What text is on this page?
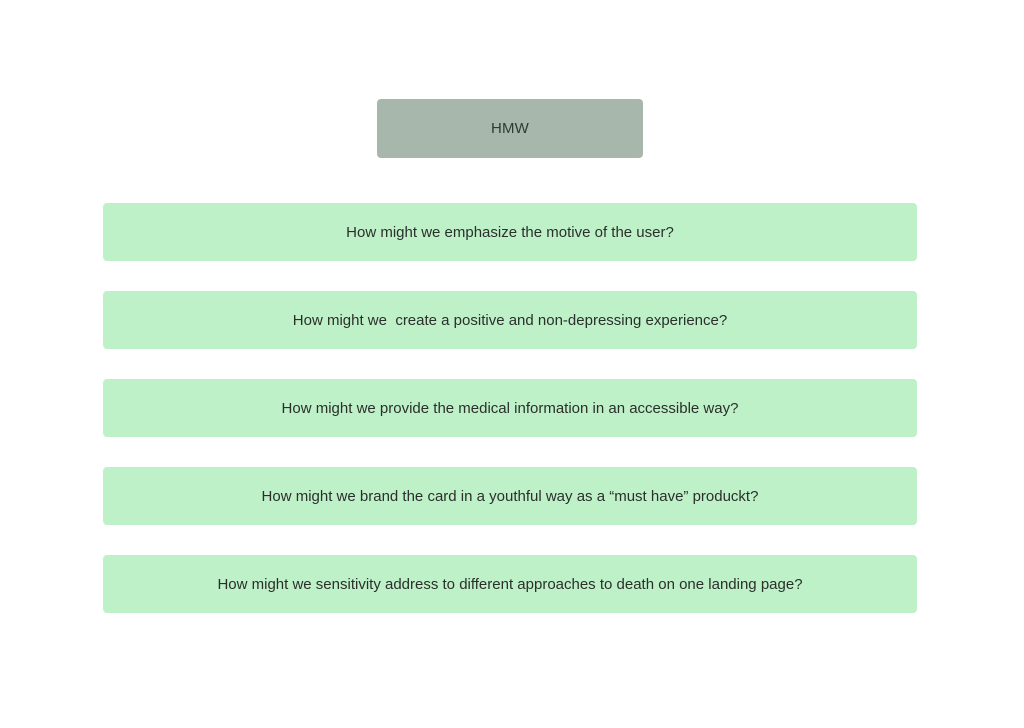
HMW
How might we emphasize the motive of the user?
How might we  create a positive and non-depressing experience?
How might we provide the medical information in an accessible way?
How might we brand the card in a youthful way as a “must have” produckt?
How might we sensitivity address to different approaches to death on one landing page?
